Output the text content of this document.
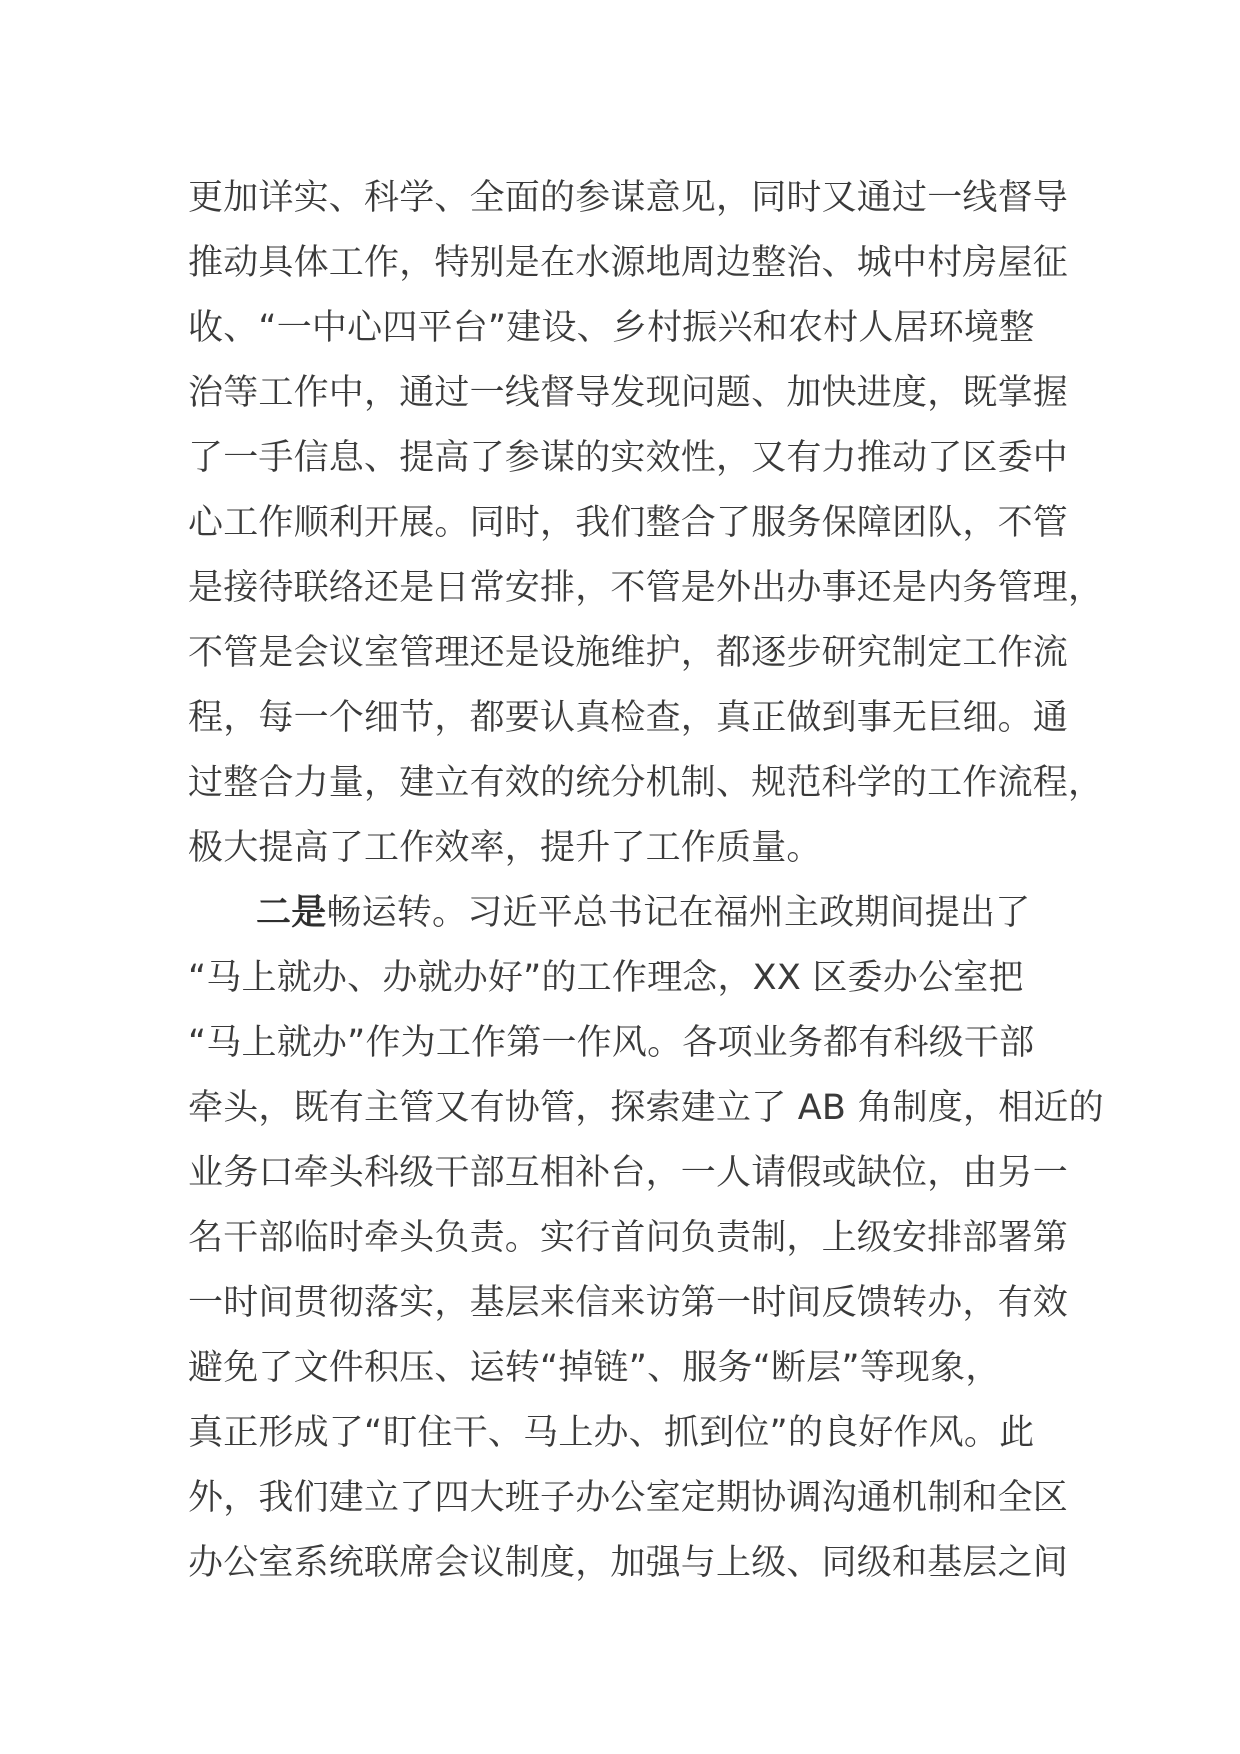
更加详实、科学、全面的参谋意见，同时又通过一线督导
推动具体工作，特别是在水源地周边整治、城中村房屋征
收、“一中心四平台”建设、乡村振兴和农村人居环境整
治等工作中，通过一线督导发现问题、加快进度，既掌握
了一手信息、提高了参谋的实效性，又有力推动了区委中
心工作顺利开展。同时，我们整合了服务保障团队，不管
是接待联络还是日常安排，不管是外出办事还是内务管理，
不管是会议室管理还是设施维护，都逐步研究制定工作流
程，每一个细节，都要认真检查，真正做到事无巨细。通
过整合力量，建立有效的统分机制、规范科学的工作流程，
极大提高了工作效率，提升了工作质量。
二是畅运转。习近平总书记在福州主政期间提出了
“马上就办、办就办好”的工作理念，XX 区委办公室把
“马上就办”作为工作第一作风。各项业务都有科级干部
牵头，既有主管又有协管，探索建立了 AB 角制度，相近的
业务口牵头科级干部互相补台，一人请假或缺位，由另一
名干部临时牵头负责。实行首问负责制，上级安排部署第
一时间贯彻落实，基层来信来访第一时间反馈转办，有效
避免了文件积压、运转“掉链”、服务“断层”等现象，
真正形成了“盯住干、马上办、抓到位”的良好作风。此
外，我们建立了四大班子办公室定期协调沟通机制和全区
办公室系统联席会议制度，加强与上级、同级和基层之间
